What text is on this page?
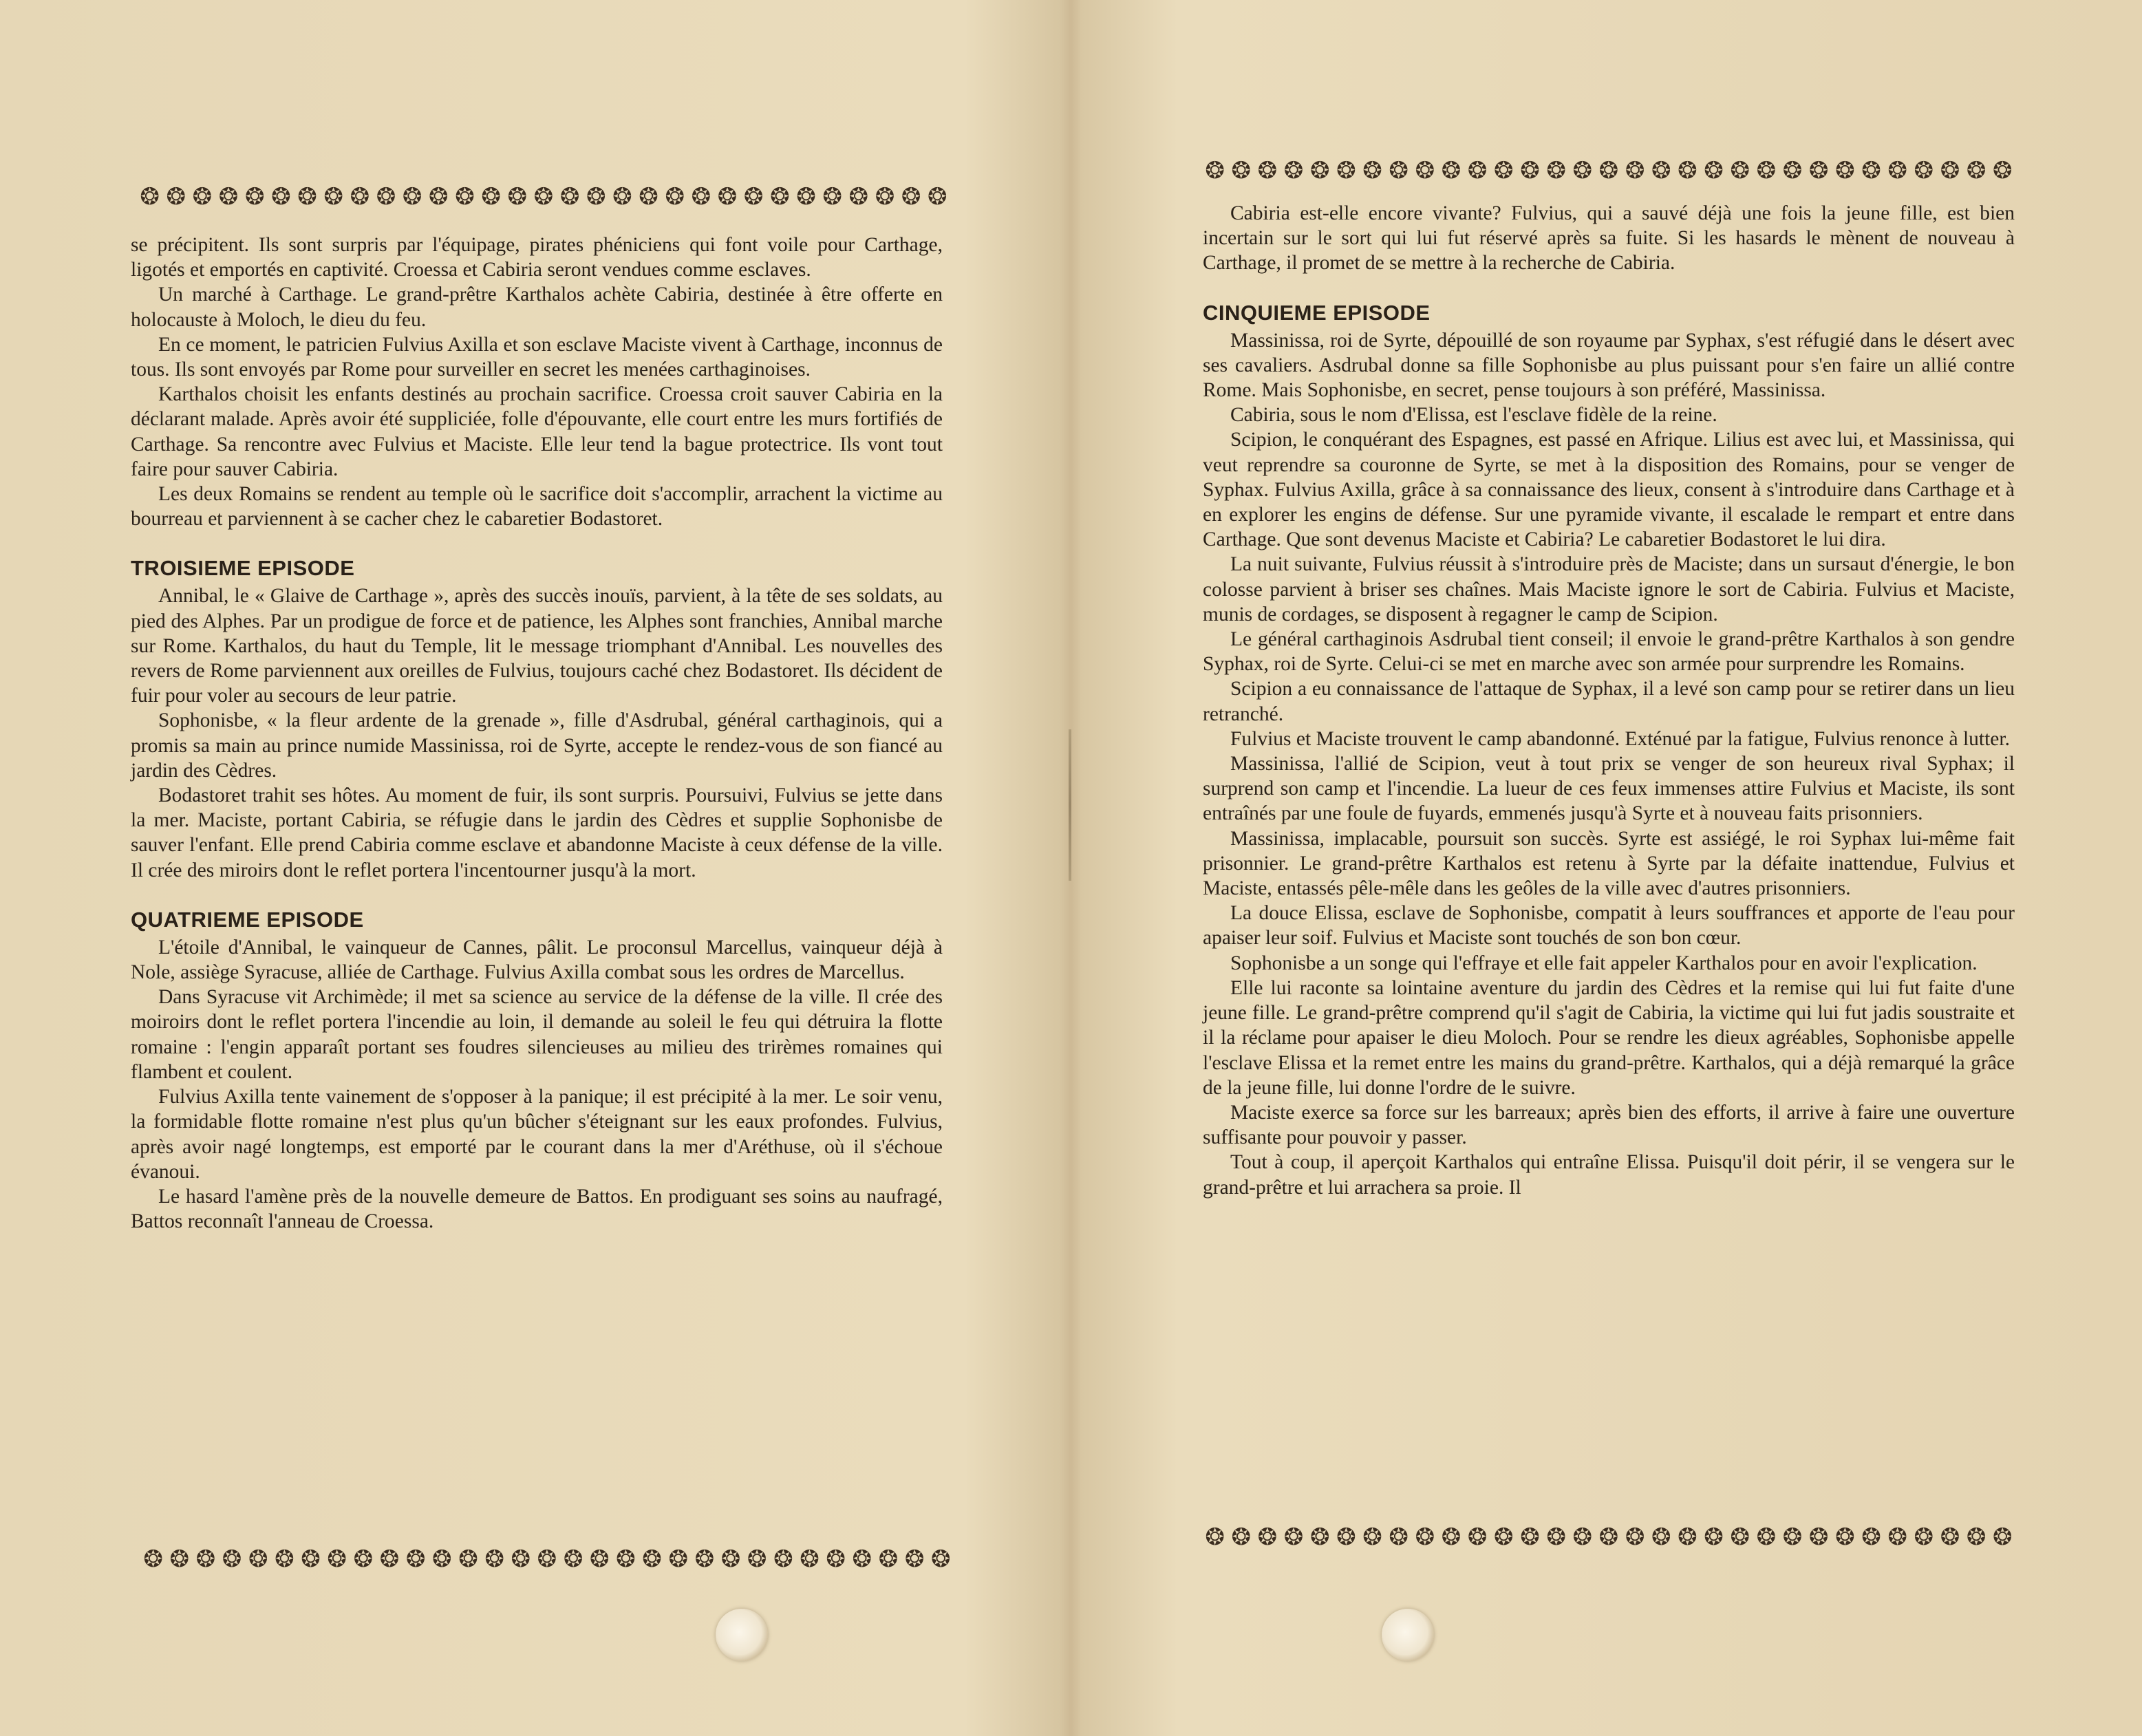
❂ ❂ ❂ ❂ ❂ ❂ ❂ ❂ ❂ ❂ ❂ ❂ ❂ ❂ ❂ ❂ ❂ ❂ ❂ ❂ ❂ ❂ ❂ ❂ ❂ ❂ ❂ ❂ ❂ ❂ ❂

se précipitent. Ils sont surpris par l'équipage, pirates phéniciens qui font voile pour Carthage, ligotés et emportés en captivité. Croessa et Cabiria seront vendues comme esclaves.

Un marché à Carthage. Le grand-prêtre Karthalos achète Cabiria, destinée à être offerte en holocauste à Moloch, le dieu du feu.

En ce moment, le patricien Fulvius Axilla et son esclave Maciste vivent à Carthage, inconnus de tous. Ils sont envoyés par Rome pour surveiller en secret les menées carthaginoises.

Karthalos choisit les enfants destinés au prochain sacrifice. Croessa croit sauver Cabiria en la déclarant malade. Après avoir été suppliciée, folle d'épouvante, elle court entre les murs fortifiés de Carthage. Sa rencontre avec Fulvius et Maciste. Elle leur tend la bague protectrice. Ils vont tout faire pour sauver Cabiria.

Les deux Romains se rendent au temple où le sacrifice doit s'accomplir, arrachent la victime au bourreau et parviennent à se cacher chez le cabaretier Bodastoret.

TROISIEME EPISODE

Annibal, le « Glaive de Carthage », après des succès inouïs, parvient, à la tête de ses soldats, au pied des Alphes. Par un prodigue de force et de patience, les Alphes sont franchies, Annibal marche sur Rome. Karthalos, du haut du Temple, lit le message triomphant d'Annibal. Les nouvelles des revers de Rome parviennent aux oreilles de Fulvius, toujours caché chez Bodastoret. Ils décident de fuir pour voler au secours de leur patrie.

Sophonisbe, « la fleur ardente de la grenade », fille d'Asdrubal, général carthaginois, qui a promis sa main au prince numide Massinissa, roi de Syrte, accepte le rendez-vous de son fiancé au jardin des Cèdres.

Bodastoret trahit ses hôtes. Au moment de fuir, ils sont surpris. Poursuivi, Fulvius se jette dans la mer. Maciste, portant Cabiria, se réfugie dans le jardin des Cèdres et supplie Sophonisbe de sauver l'enfant. Elle prend Cabiria comme esclave et abandonne Maciste à ceux défense de la ville. Il crée des miroirs dont le reflet portera l'incentourner jusqu'à la mort.

QUATRIEME EPISODE

L'étoile d'Annibal, le vainqueur de Cannes, pâlit. Le proconsul Marcellus, vainqueur déjà à Nole, assiège Syracuse, alliée de Carthage. Fulvius Axilla combat sous les ordres de Marcellus.

Dans Syracuse vit Archimède; il met sa science au service de la défense de la ville. Il crée des moiroirs dont le reflet portera l'incendie au loin, il demande au soleil le feu qui détruira la flotte romaine : l'engin apparaît portant ses foudres silencieuses au milieu des trirèmes romaines qui flambent et coulent.

Fulvius Axilla tente vainement de s'opposer à la panique; il est précipité à la mer. Le soir venu, la formidable flotte romaine n'est plus qu'un bûcher s'éteignant sur les eaux profondes. Fulvius, après avoir nagé longtemps, est emporté par le courant dans la mer d'Aréthuse, où il s'échoue évanoui.

Le hasard l'amène près de la nouvelle demeure de Battos. En prodiguant ses soins au naufragé, Battos reconnaît l'anneau de Croessa.

❂ ❂ ❂ ❂ ❂ ❂ ❂ ❂ ❂ ❂ ❂ ❂ ❂ ❂ ❂ ❂ ❂ ❂ ❂ ❂ ❂ ❂ ❂ ❂ ❂ ❂ ❂ ❂ ❂ ❂ ❂
❂ ❂ ❂ ❂ ❂ ❂ ❂ ❂ ❂ ❂ ❂ ❂ ❂ ❂ ❂ ❂ ❂ ❂ ❂ ❂ ❂ ❂ ❂ ❂ ❂ ❂ ❂ ❂ ❂ ❂ ❂

Cabiria est-elle encore vivante? Fulvius, qui a sauvé déjà une fois la jeune fille, est bien incertain sur le sort qui lui fut réservé après sa fuite. Si les hasards le mènent de nouveau à Carthage, il promet de se mettre à la recherche de Cabiria.

CINQUIEME EPISODE

Massinissa, roi de Syrte, dépouillé de son royaume par Syphax, s'est réfugié dans le désert avec ses cavaliers. Asdrubal donne sa fille Sophonisbe au plus puissant pour s'en faire un allié contre Rome. Mais Sophonisbe, en secret, pense toujours à son préféré, Massinissa.

Cabiria, sous le nom d'Elissa, est l'esclave fidèle de la reine.

Scipion, le conquérant des Espagnes, est passé en Afrique. Lilius est avec lui, et Massinissa, qui veut reprendre sa couronne de Syrte, se met à la disposition des Romains, pour se venger de Syphax. Fulvius Axilla, grâce à sa connaissance des lieux, consent à s'introduire dans Carthage et à en explorer les engins de défense. Sur une pyramide vivante, il escalade le rempart et entre dans Carthage. Que sont devenus Maciste et Cabiria? Le cabaretier Bodastoret le lui dira.

La nuit suivante, Fulvius réussit à s'introduire près de Maciste; dans un sursaut d'énergie, le bon colosse parvient à briser ses chaînes. Mais Maciste ignore le sort de Cabiria. Fulvius et Maciste, munis de cordages, se disposent à regagner le camp de Scipion.

Le général carthaginois Asdrubal tient conseil; il envoie le grand-prêtre Karthalos à son gendre Syphax, roi de Syrte. Celui-ci se met en marche avec son armée pour surprendre les Romains.

Scipion a eu connaissance de l'attaque de Syphax, il a levé son camp pour se retirer dans un lieu retranché.

Fulvius et Maciste trouvent le camp abandonné. Exténué par la fatigue, Fulvius renonce à lutter.

Massinissa, l'allié de Scipion, veut à tout prix se venger de son heureux rival Syphax; il surprend son camp et l'incendie. La lueur de ces feux immenses attire Fulvius et Maciste, ils sont entraînés par une foule de fuyards, emmenés jusqu'à Syrte et à nouveau faits prisonniers.

Massinissa, implacable, poursuit son succès. Syrte est assiégé, le roi Syphax lui-même fait prisonnier. Le grand-prêtre Karthalos est retenu à Syrte par la défaite inattendue, Fulvius et Maciste, entassés pêle-mêle dans les geôles de la ville avec d'autres prisonniers.

La douce Elissa, esclave de Sophonisbe, compatit à leurs souffrances et apporte de l'eau pour apaiser leur soif. Fulvius et Maciste sont touchés de son bon cœur.

Sophonisbe a un songe qui l'effraye et elle fait appeler Karthalos pour en avoir l'explication.

Elle lui raconte sa lointaine aventure du jardin des Cèdres et la remise qui lui fut faite d'une jeune fille. Le grand-prêtre comprend qu'il s'agit de Cabiria, la victime qui lui fut jadis soustraite et il la réclame pour apaiser le dieu Moloch. Pour se rendre les dieux agréables, Sophonisbe appelle l'esclave Elissa et la remet entre les mains du grand-prêtre. Karthalos, qui a déjà remarqué la grâce de la jeune fille, lui donne l'ordre de le suivre.

Maciste exerce sa force sur les barreaux; après bien des efforts, il arrive à faire une ouverture suffisante pour pouvoir y passer.

Tout à coup, il aperçoit Karthalos qui entraîne Elissa. Puisqu'il doit périr, il se vengera sur le grand-prêtre et lui arrachera sa proie. Il

❂ ❂ ❂ ❂ ❂ ❂ ❂ ❂ ❂ ❂ ❂ ❂ ❂ ❂ ❂ ❂ ❂ ❂ ❂ ❂ ❂ ❂ ❂ ❂ ❂ ❂ ❂ ❂ ❂ ❂ ❂
